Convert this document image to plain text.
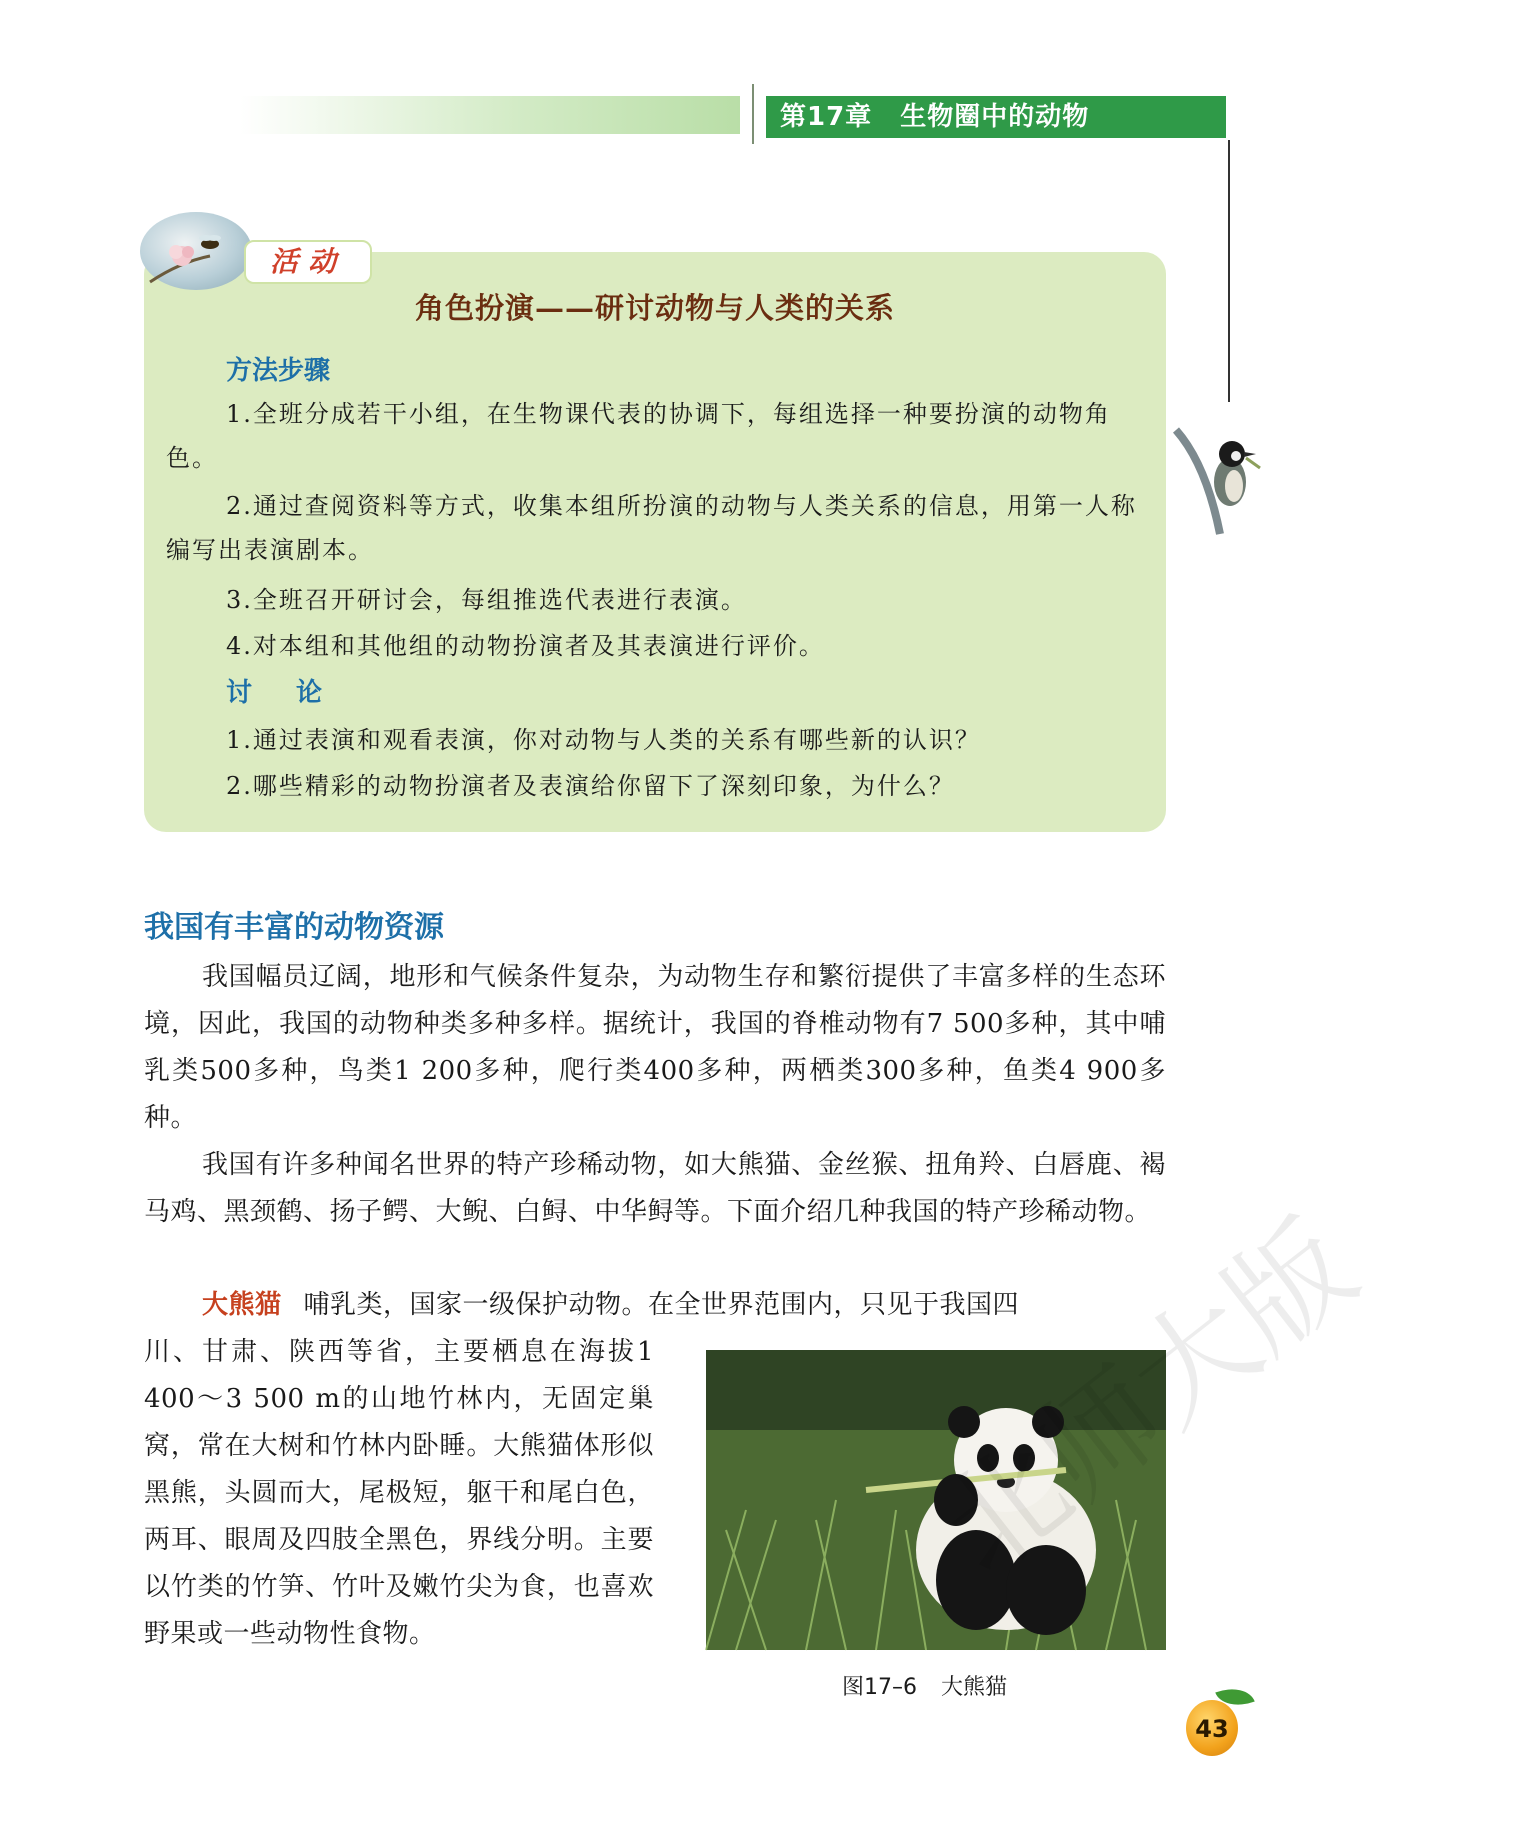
第17章 生物圈中的动物
活动
角色扮演——研讨动物与人类的关系
方法步骤
1.全班分成若干小组，在生物课代表的协调下，每组选择一种要扮演的动物角色。
2.通过查阅资料等方式，收集本组所扮演的动物与人类关系的信息，用第一人称编写出表演剧本。
3.全班召开研讨会，每组推选代表进行表演。
4.对本组和其他组的动物扮演者及其表演进行评价。
讨论
1.通过表演和观看表演，你对动物与人类的关系有哪些新的认识？
2.哪些精彩的动物扮演者及表演给你留下了深刻印象，为什么？
我国有丰富的动物资源
我国幅员辽阔，地形和气候条件复杂，为动物生存和繁衍提供了丰富多样的生态环境，因此，我国的动物种类多种多样。据统计，我国的脊椎动物有7 500多种，其中哺乳类500多种，鸟类1 200多种，爬行类400多种，两栖类300多种，鱼类4 900多种。
我国有许多种闻名世界的特产珍稀动物，如大熊猫、金丝猴、扭角羚、白唇鹿、褐马鸡、黑颈鹤、扬子鳄、大鲵、白鲟、中华鲟等。下面介绍几种我国的特产珍稀动物。
大熊猫 哺乳类，国家一级保护动物。在全世界范围内，只见于我国四
川、甘肃、陕西等省，主要栖息在海拔1 400～3 500 m的山地竹林内，无固定巢窝，常在大树和竹林内卧睡。大熊猫体形似黑熊，头圆而大，尾极短，躯干和尾白色，两耳、眼周及四肢全黑色，界线分明。主要以竹类的竹笋、竹叶及嫩竹尖为食，也喜欢野果或一些动物性食物。
图17–6 大熊猫
43
